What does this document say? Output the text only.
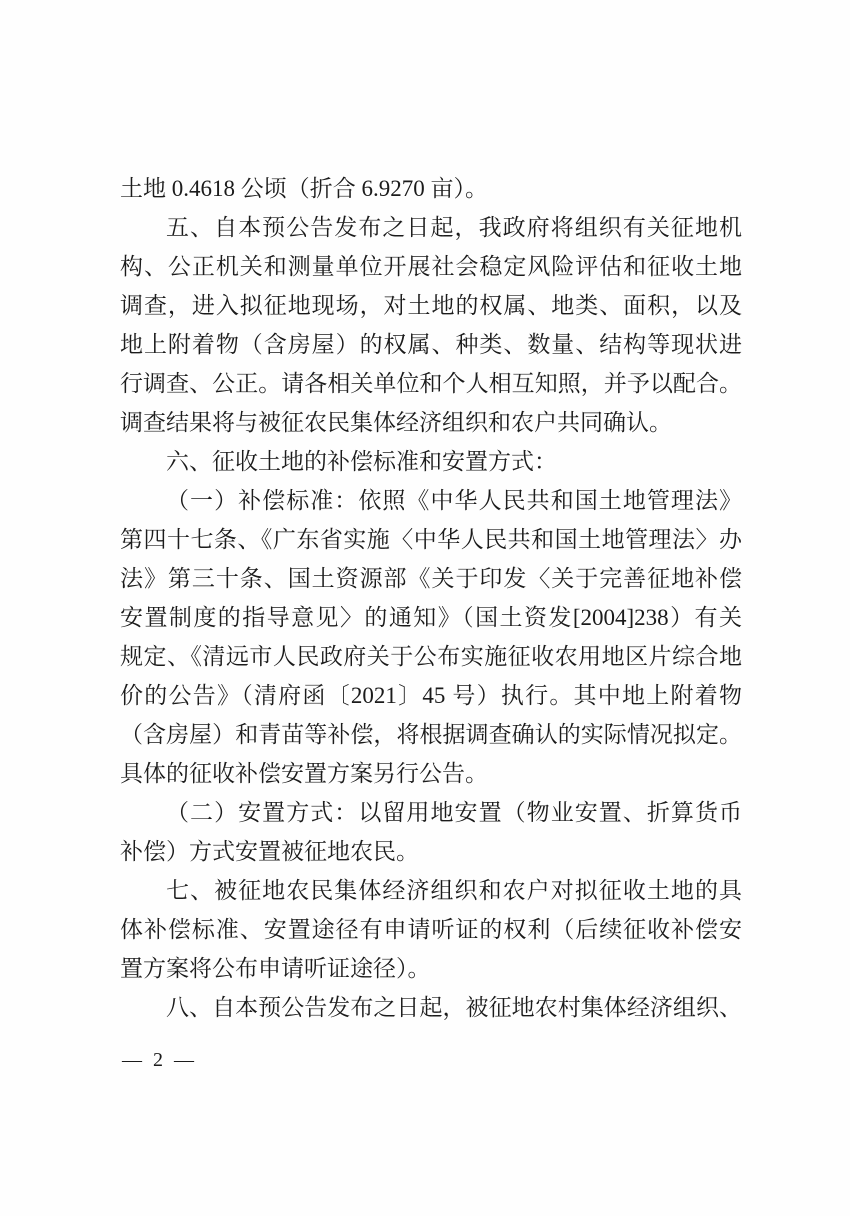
土地 0.4618 公顷（折合 6.9270 亩）。

五、自本预公告发布之日起，我政府将组织有关征地机

构、公正机关和测量单位开展社会稳定风险评估和征收土地

调查，进入拟征地现场，对土地的权属、地类、面积，以及

地上附着物（含房屋）的权属、种类、数量、结构等现状进

行调查、公正。请各相关单位和个人相互知照，并予以配合。

调查结果将与被征农民集体经济组织和农户共同确认。

六、征收土地的补偿标准和安置方式：

（一）补偿标准：依照《中华人民共和国土地管理法》

第四十七条、《广东省实施〈中华人民共和国土地管理法〉办

法》第三十条、国土资源部《关于印发〈关于完善征地补偿

安置制度的指导意见〉的通知》（国土资发[2004]238）有关

规定、《清远市人民政府关于公布实施征收农用地区片综合地

价的公告》（清府函〔2021〕45 号）执行。其中地上附着物

（含房屋）和青苗等补偿，将根据调查确认的实际情况拟定。

具体的征收补偿安置方案另行公告。

（二）安置方式：以留用地安置（物业安置、折算货币

补偿）方式安置被征地农民。

七、被征地农民集体经济组织和农户对拟征收土地的具

体补偿标准、安置途径有申请听证的权利（后续征收补偿安

置方案将公布申请听证途径）。

八、自本预公告发布之日起，被征地农村集体经济组织、

— 2 —
